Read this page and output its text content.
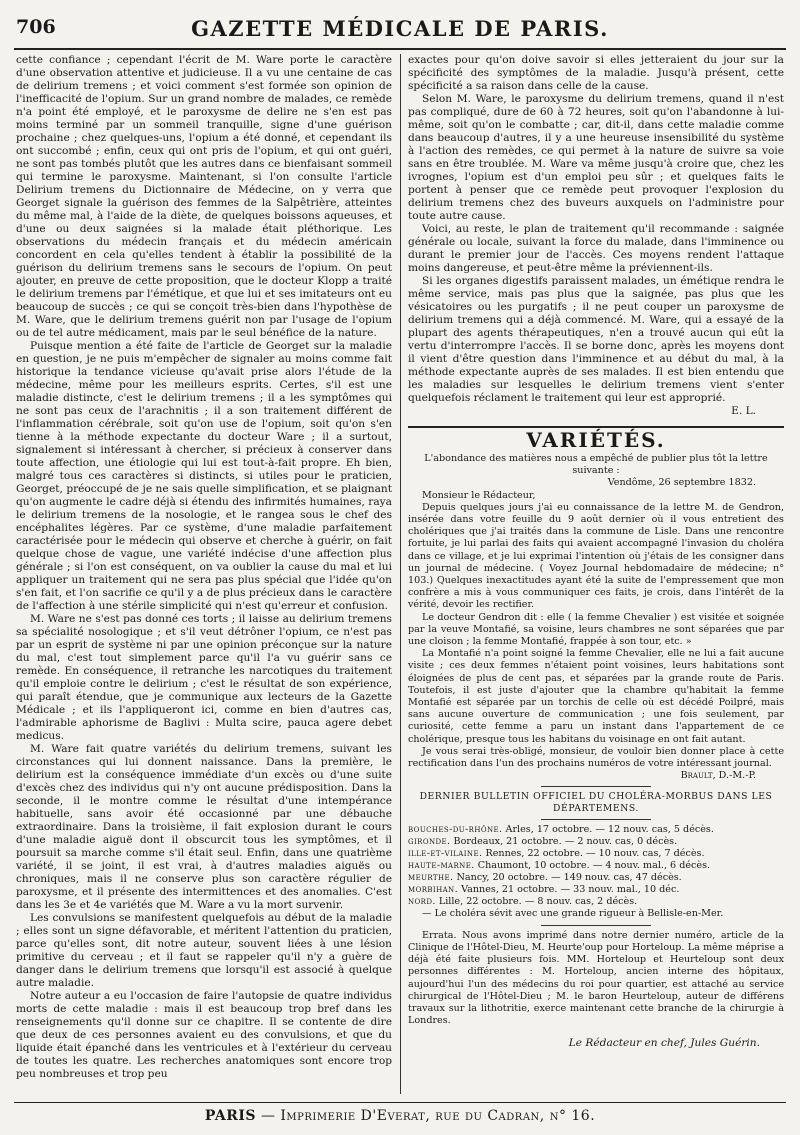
706	GAZETTE MÉDICALE DE PARIS.

cette confiance ; cependant l'écrit de M. Ware porte le caractère d'une observation attentive et judicieuse. Il a vu une centaine de cas de delirium tremens ; et voici comment s'est formée son opinion de l'inefficacité de l'opium. Sur un grand nombre de malades, ce remède n'a point été employé, et le paroxysme de delire ne s'en est pas moins terminé par un sommeil tranquille, signe d'une guérison prochaine ; chez quelques-uns, l'opium a été donné, et cependant ils ont succombé ; enfin, ceux qui ont pris de l'opium, et qui ont guéri, ne sont pas tombés plutôt que les autres dans ce bienfaisant sommeil qui termine le paroxysme. Maintenant, si l'on consulte l'article Delirium tremens du Dictionnaire de Médecine, on y verra que Georget signale la guérison des femmes de la Salpêtrière, atteintes du même mal, à l'aide de la diète, de quelques boissons aqueuses, et d'une ou deux saignées si la malade était pléthorique. Les observations du médecin français et du médecin américain concordent en cela qu'elles tendent à établir la possibilité de la guérison du delirium tremens sans le secours de l'opium. On peut ajouter, en preuve de cette proposition, que le docteur Klopp a traité le delirium tremens par l'émétique, et que lui et ses imitateurs ont eu beaucoup de succès ; ce qui se conçoit très-bien dans l'hypothèse de M. Ware, que le delirium tremens guérit non par l'usage de l'opium ou de tel autre médicament, mais par le seul bénéfice de la nature.

Puisque mention a été faite de l'article de Georget sur la maladie en question, je ne puis m'empêcher de signaler au moins comme fait historique la tendance vicieuse qu'avait prise alors l'étude de la médecine, même pour les meilleurs esprits. Certes, s'il est une maladie distincte, c'est le delirium tremens ; il a les symptômes qui ne sont pas ceux de l'arachnitis ; il a son traitement différent de l'inflammation cérébrale, soit qu'on use de l'opium, soit qu'on s'en tienne à la méthode expectante du docteur Ware ; il a surtout, signalement si intéressant à chercher, si précieux à conserver dans toute affection, une étiologie qui lui est tout-à-fait propre. Eh bien, malgré tous ces caractères si distincts, si utiles pour le praticien, Georget, préoccupé de je ne sais quelle simplification, et se plaignant qu'on augmente le cadre déjà si étendu des infirmités humaines, raya le delirium tremens de la nosologie, et le rangea sous le chef des encéphalites légères. Par ce système, d'une maladie parfaitement caractérisée pour le médecin qui observe et cherche à guérir, on fait quelque chose de vague, une variété indécise d'une affection plus générale ; si l'on est conséquent, on va oublier la cause du mal et lui appliquer un traitement qui ne sera pas plus spécial que l'idée qu'on s'en fait, et l'on sacrifie ce qu'il y a de plus précieux dans le caractère de l'affection à une stérile simplicité qui n'est qu'erreur et confusion.

M. Ware ne s'est pas donné ces torts ; il laisse au delirium tremens sa spécialité nosologique ; et s'il veut détrôner l'opium, ce n'est pas par un esprit de système ni par une opinion préconçue sur la nature du mal, c'est tout simplement parce qu'il l'a vu guérir sans ce remède. En conséquence, il retranche les narcotiques du traitement qu'il emploie contre le delirium ; c'est le résultat de son expérience, qui paraît étendue, que je communique aux lecteurs de la Gazette Médicale ; et ils l'appliqueront ici, comme en bien d'autres cas, l'admirable aphorisme de Baglivi : Multa scire, pauca agere debet medicus.

M. Ware fait quatre variétés du delirium tremens, suivant les circonstances qui lui donnent naissance. Dans la première, le delirium est la conséquence immédiate d'un excès ou d'une suite d'excès chez des individus qui n'y ont aucune prédisposition. Dans la seconde, il le montre comme le résultat d'une intempérance habituelle, sans avoir été occasionné par une débauche extraordinaire. Dans la troisième, il fait explosion durant le cours d'une maladie aiguë dont il obscurcit tous les symptômes, et il poursuit sa marche comme s'il était seul. Enfin, dans une quatrième variété, il se joint, il est vrai, à d'autres maladies aiguës ou chroniques, mais il ne conserve plus son caractère régulier de paroxysme, et il présente des intermittences et des anomalies. C'est dans les 3e et 4e variétés que M. Ware a vu la mort survenir.

Les convulsions se manifestent quelquefois au début de la maladie ; elles sont un signe défavorable, et méritent l'attention du praticien, parce qu'elles sont, dit notre auteur, souvent liées à une lésion primitive du cerveau ; et il faut se rappeler qu'il n'y a guère de danger dans le delirium tremens que lorsqu'il est associé à quelque autre maladie.

Notre auteur a eu l'occasion de faire l'autopsie de quatre individus morts de cette maladie : mais il est beaucoup trop bref dans les renseignements qu'il donne sur ce chapitre. Il se contente de dire que deux de ces personnes avaient eu des convulsions, et que du liquide était épanché dans les ventricules et à l'extérieur du cerveau de toutes les quatre. Les recherches anatomiques sont encore trop peu nombreuses et trop peu

exactes pour qu'on doive savoir si elles jetteraient du jour sur la spécificité des symptômes de la maladie. Jusqu'à présent, cette spécificité a sa raison dans celle de la cause.

Selon M. Ware, le paroxysme du delirium tremens, quand il n'est pas compliqué, dure de 60 à 72 heures, soit qu'on l'abandonne à lui-même, soit qu'on le combatte ; car, dit-il, dans cette maladie comme dans beaucoup d'autres, il y a une heureuse insensibilité du système à l'action des remèdes, ce qui permet à la nature de suivre sa voie sans en être troublée. M. Ware va même jusqu'à croire que, chez les ivrognes, l'opium est d'un emploi peu sûr ; et quelques faits le portent à penser que ce remède peut provoquer l'explosion du delirium tremens chez des buveurs auxquels on l'administre pour toute autre cause.

Voici, au reste, le plan de traitement qu'il recommande : saignée générale ou locale, suivant la force du malade, dans l'imminence ou durant le premier jour de l'accès. Ces moyens rendent l'attaque moins dangereuse, et peut-être même la préviennent-ils.

Si les organes digestifs paraissent malades, un émétique rendra le même service, mais pas plus que la saignée, pas plus que les vésicatoires ou les purgatifs ; il ne peut couper un paroxysme de delirium tremens qui a déjà commencé. M. Ware, qui a essayé de la plupart des agents thérapeutiques, n'en a trouvé aucun qui eût la vertu d'interrompre l'accès. Il se borne donc, après les moyens dont il vient d'être question dans l'imminence et au début du mal, à la méthode expectante auprès de ses malades. Il est bien entendu que les maladies sur lesquelles le delirium tremens vient s'enter quelquefois réclament le traitement qui leur est approprié.

E. L.
VARIÉTÉS.
L'abondance des matières nous a empêché de publier plus tôt la lettre suivante :
Vendôme, 26 septembre 1832.

Monsieur le Rédacteur,

Depuis quelques jours j'ai eu connaissance de la lettre M. de Gendron, insérée dans votre feuille du 9 août dernier où il vous entretient des cholériques que j'ai traités dans la commune de Lisle. Dans une rencontre fortuite, je lui parlai des faits qui avaient accompagné l'invasion du choléra dans ce village, et je lui exprimai l'intention où j'étais de les consigner dans un journal de médecine. ( Voyez Journal hebdomadaire de médecine; n° 103.) Quelques inexactitudes ayant été la suite de l'empressement que mon confrère a mis à vous communiquer ces faits, je crois, dans l'intérêt de la vérité, devoir les rectifier.

Le docteur Gendron dit : elle ( la femme Chevalier ) est visitée et soignée par la veuve Montafié, sa voisine, leurs chambres ne sont séparées que par une cloison ; la femme Montafié, frappée à son tour, etc. »

La Montafié n'a point soigné la femme Chevalier, elle ne lui a fait aucune visite ; ces deux femmes n'étaient point voisines, leurs habitations sont éloignées de plus de cent pas, et séparées par la grande route de Paris. Toutefois, il est juste d'ajouter que la chambre qu'habitait la femme Montafié est séparée par un torchis de celle où est décédé Poilpré, mais sans aucune ouverture de communication ; une fois seulement, par curiosité, cette femme a paru un instant dans l'appartement de ce cholérique, presque tous les habitans du voisinage en ont fait autant.

Je vous serai très-obligé, monsieur, de vouloir bien donner place à cette rectification dans l'un des prochains numéros de votre intéressant journal.

Brault, D.-M.-P.
DERNIER BULLETIN OFFICIEL DU CHOLÉRA-MORBUS DANS LES DÉPARTEMENS.
bouches-du-rhône. Arles, 17 octobre. — 12 nouv. cas, 5 décès.
gironde. Bordeaux, 21 octobre. — 2 nouv. cas, 0 décès.
ille-et-vilaine. Rennes, 22 octobre. — 10 nouv. cas, 7 décès.
haute-marne. Chaumont, 10 octobre. — 4 nouv. mal., 6 décès.
meurthe. Nancy, 20 octobre. — 149 nouv. cas, 47 décès.
morbihan. Vannes, 21 octobre. — 33 nouv. mal., 10 déc.
nord. Lille, 22 octobre. — 8 nouv. cas, 2 décès.

— Le choléra sévit avec une grande rigueur à Bellisle-en-Mer.

Errata. Nous avons imprimé dans notre dernier numéro, article de la Clinique de l'Hôtel-Dieu, M. Heurte'oup pour Horteloup. La même méprise a déjà été faite plusieurs fois. MM. Horteloup et Heurteloup sont deux personnes différentes : M. Horteloup, ancien interne des hôpitaux, aujourd'hui l'un des médecins du roi pour quartier, est attaché au service chirurgical de l'Hôtel-Dieu ; M. le baron Heurteloup, auteur de différens travaux sur la lithotritie, exerce maintenant cette branche de la chirurgie à Londres.

Le Rédacteur en chef, Jules Guérin.
PARIS — Imprimerie D'Everat, rue du Cadran, n° 16.
